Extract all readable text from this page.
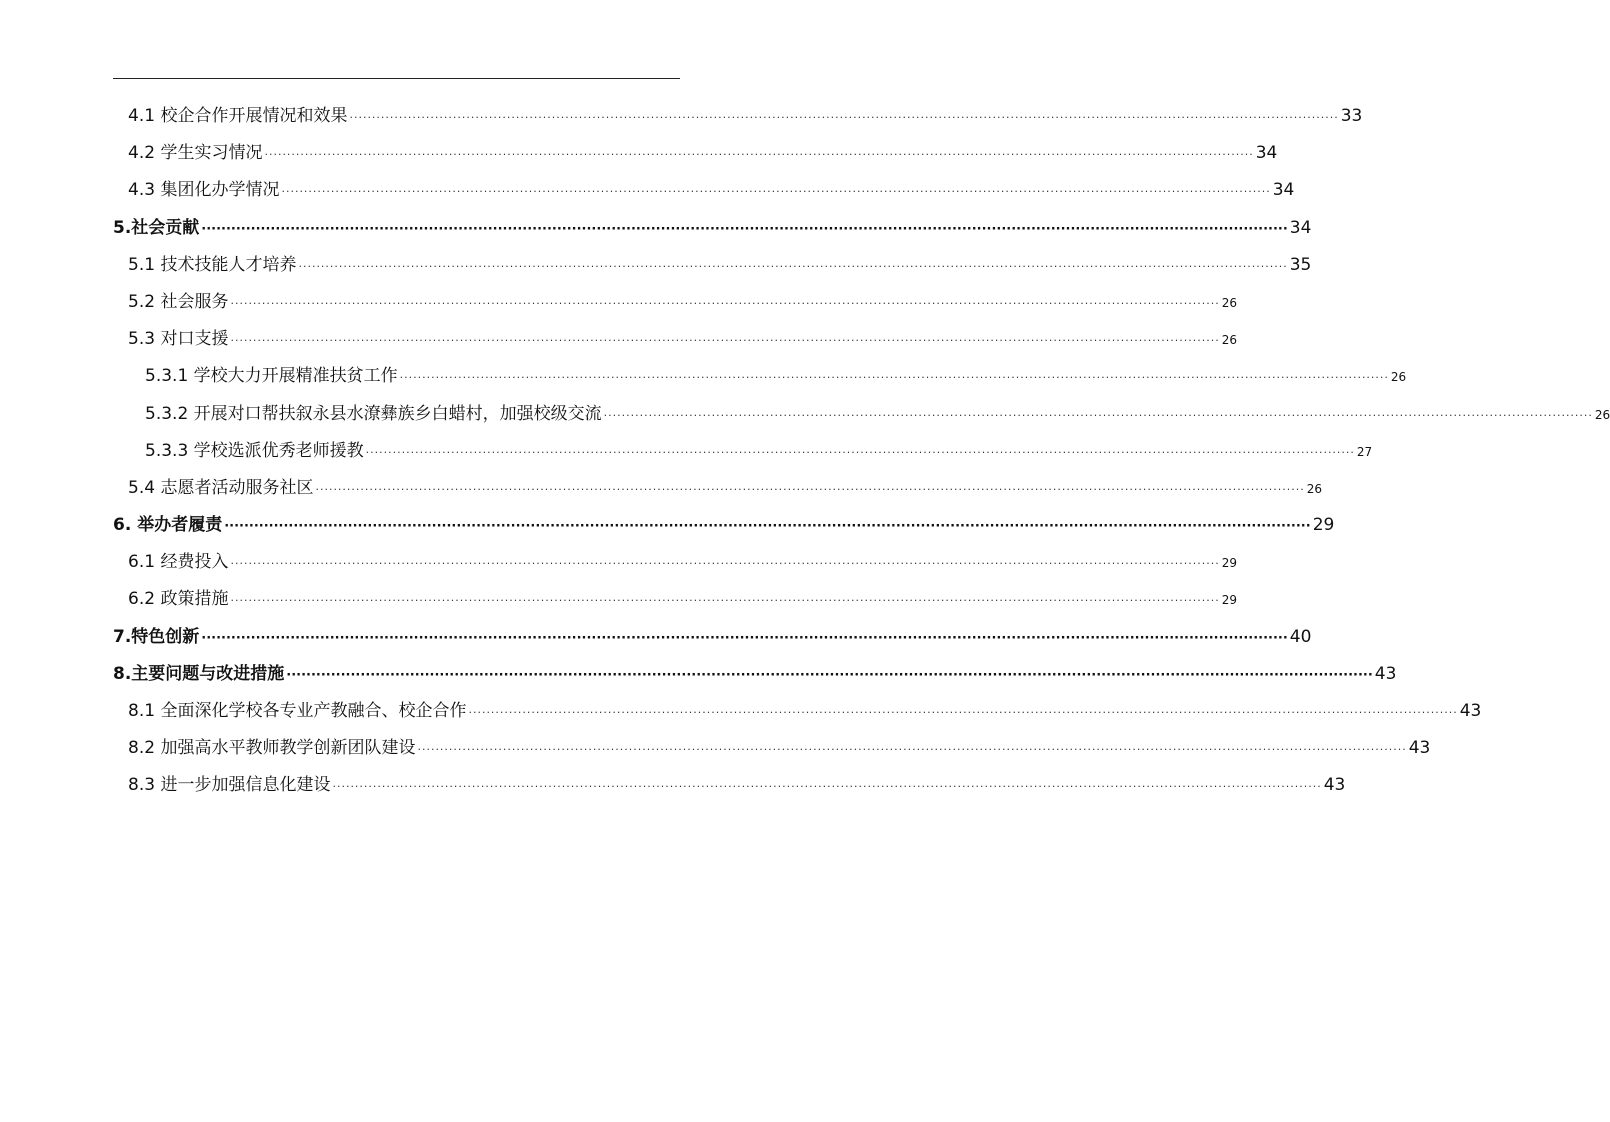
4.1 校企合作开展情况和效果 ···························································································································································································································· 33
4.2 学生实习情况 ···························································································································································································································· 34
4.3 集团化办学情况 ···························································································································································································································· 34
5.社会贡献 ···························································································································································································································· 34
5.1 技术技能人才培养 ···························································································································································································································· 35
5.2 社会服务 ···························································································································································································································· 26
5.3 对口支援 ···························································································································································································································· 26
5.3.1 学校大力开展精准扶贫工作 ···························································································································································································································· 26
5.3.2 开展对口帮扶叙永县水潦彝族乡白蜡村，加强校级交流 ···························································································································································································································· 26
5.3.3 学校选派优秀老师援教 ···························································································································································································································· 27
5.4 志愿者活动服务社区 ···························································································································································································································· 26
6. 举办者履责 ···························································································································································································································· 29
6.1 经费投入 ···························································································································································································································· 29
6.2 政策措施 ···························································································································································································································· 29
7.特色创新 ···························································································································································································································· 40
8.主要问题与改进措施 ···························································································································································································································· 43
8.1 全面深化学校各专业产教融合、校企合作 ···························································································································································································································· 43
8.2 加强高水平教师教学创新团队建设 ···························································································································································································································· 43
8.3 进一步加强信息化建设 ···························································································································································································································· 43
